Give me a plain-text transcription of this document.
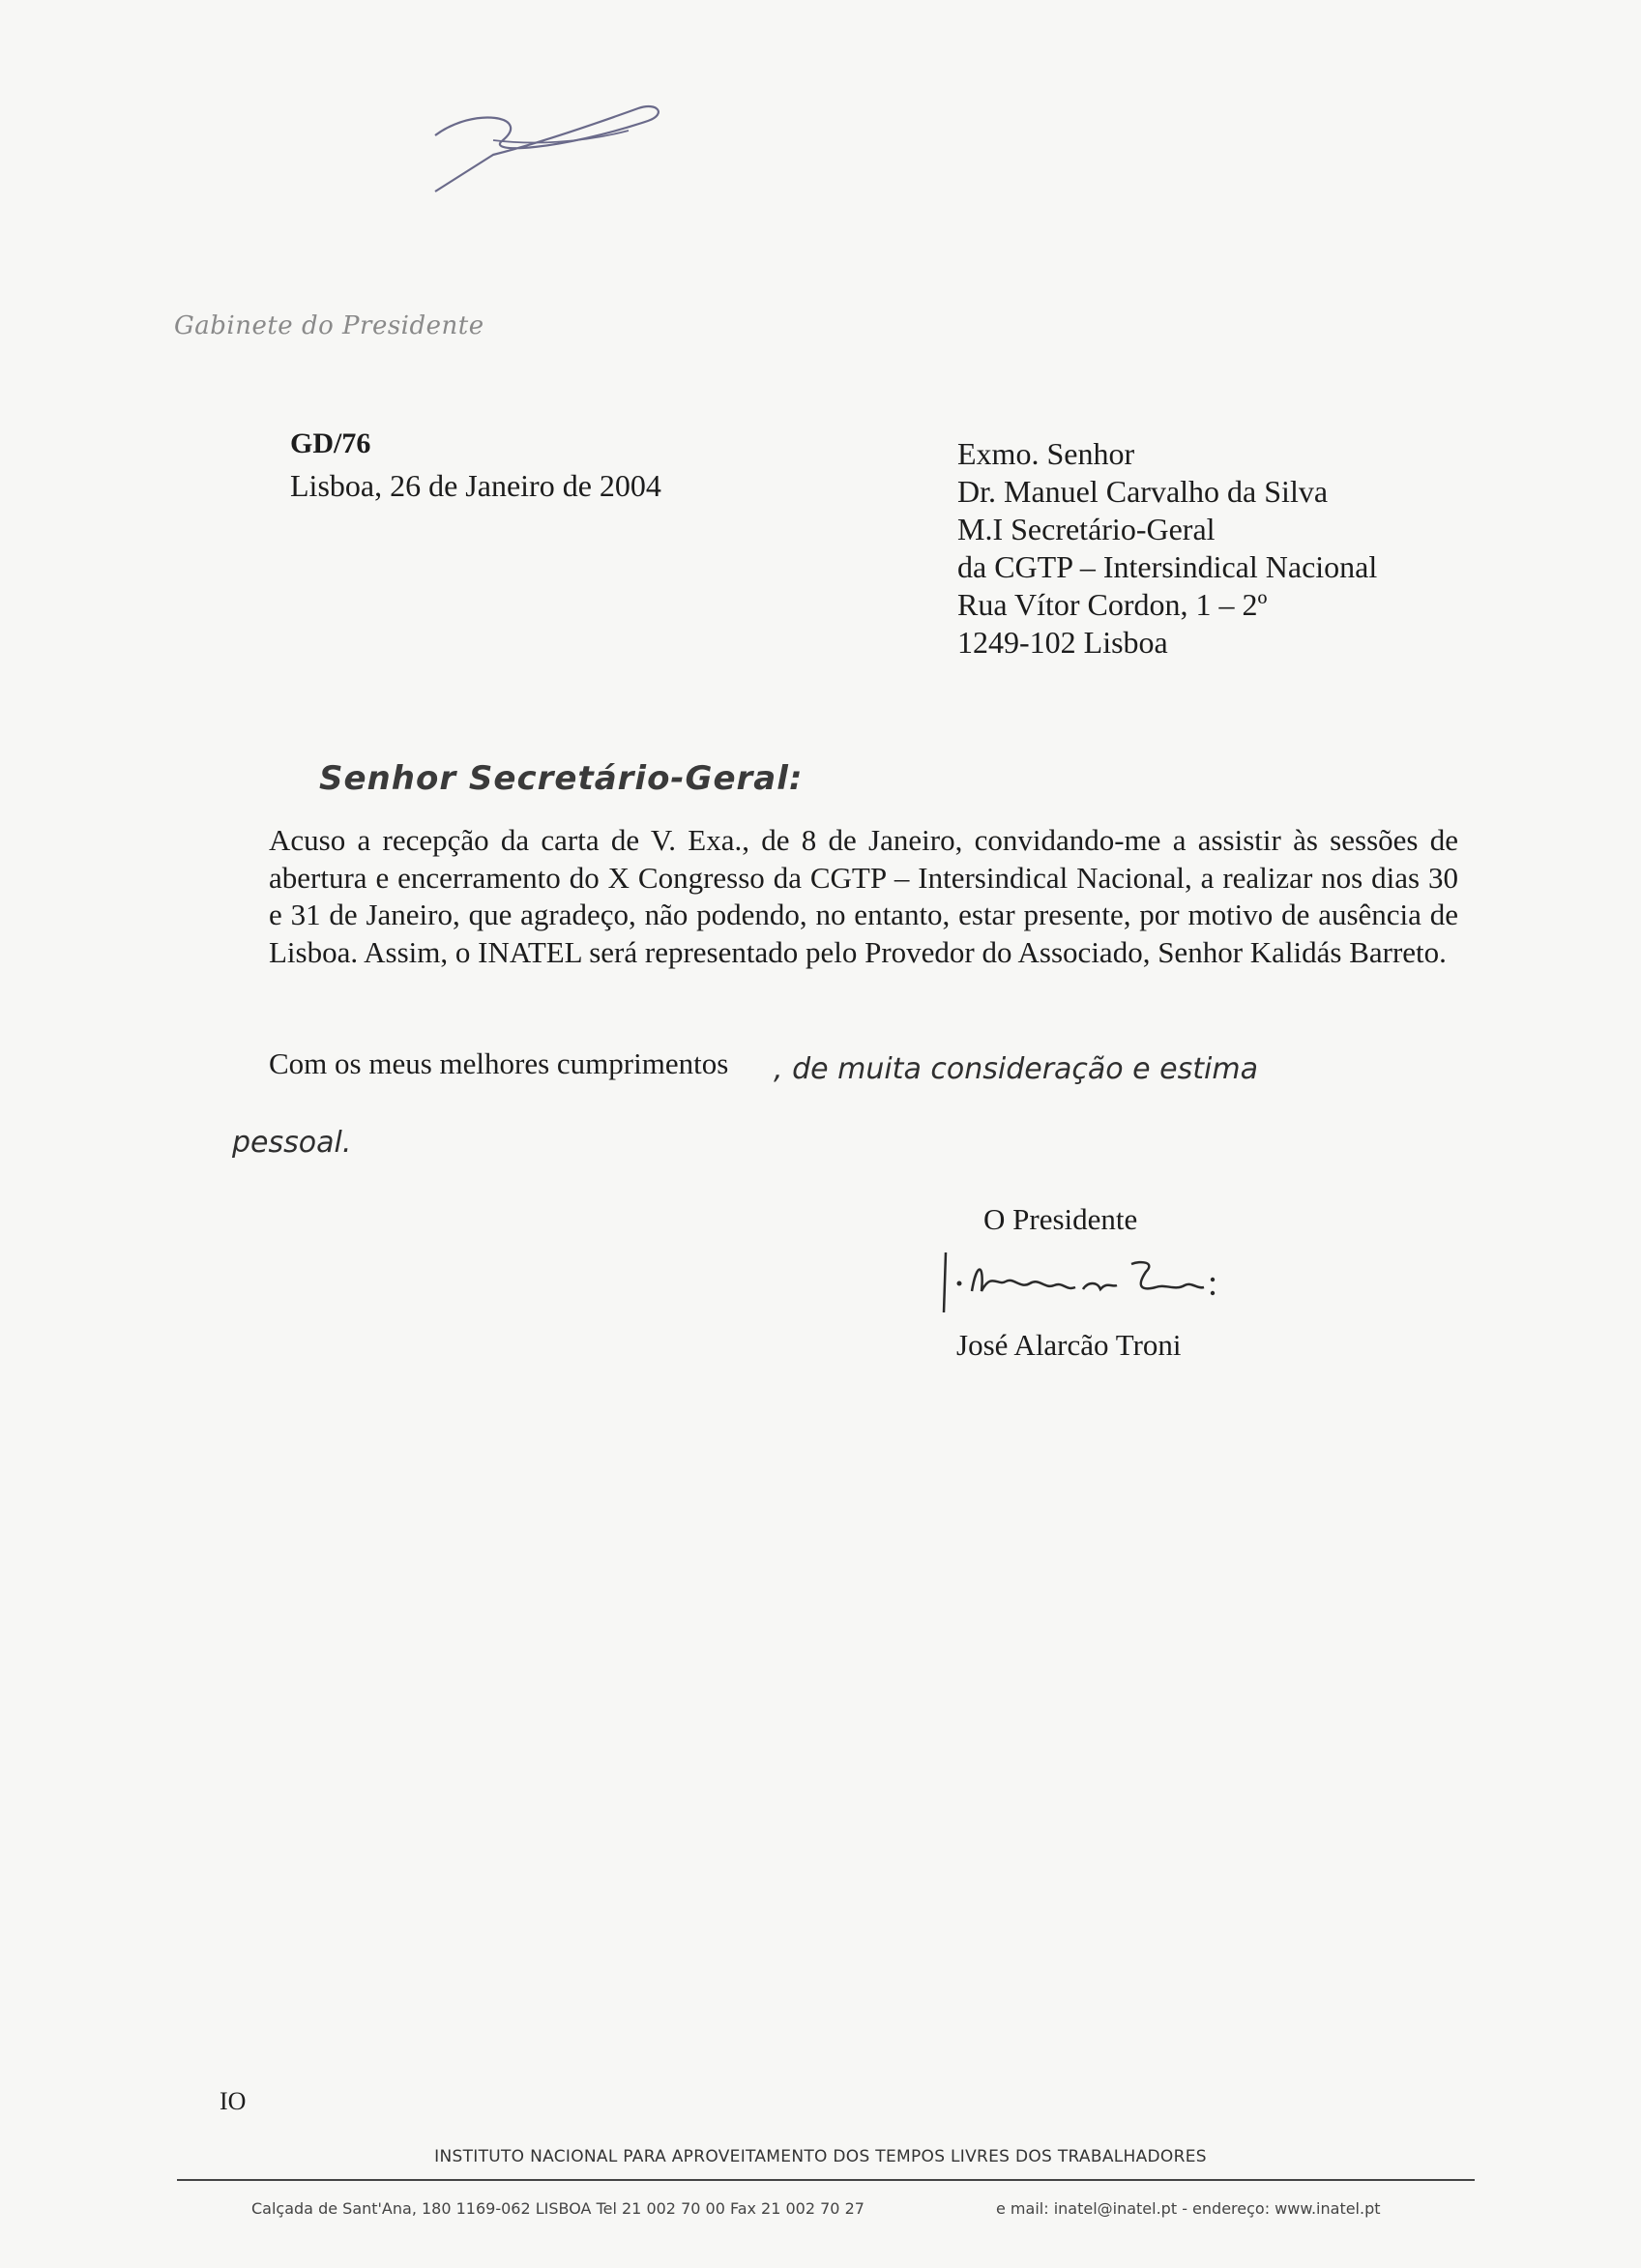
Gabinete do Presidente
GD/76
Lisboa, 26 de Janeiro de 2004
Exmo. Senhor
Dr. Manuel Carvalho da Silva
M.I Secretário-Geral
da CGTP – Intersindical Nacional
Rua Vítor Cordon, 1 – 2º
1249-102 Lisboa
Senhor Secretário-Geral:

Acuso a recepção da carta de V. Exa., de 8 de Janeiro, convidando-me a assistir às sessões de abertura e encerramento do X Congresso da CGTP – Intersindical Nacional, a realizar nos dias 30 e 31 de Janeiro, que agradeço, não podendo, no entanto, estar presente, por motivo de ausência de Lisboa. Assim, o INATEL será representado pelo Provedor do Associado, Senhor Kalidás Barreto.

Com os meus melhores cumprimentos , de muita consideração e estima
pessoal.
O Presidente
José Alarcão Troni
IO
INSTITUTO NACIONAL PARA APROVEITAMENTO DOS TEMPOS LIVRES DOS TRABALHADORES
Calçada de Sant'Ana, 180 1169-062 LISBOA Tel 21 002 70 00 Fax 21 002 70 27	e mail: inatel@inatel.pt - endereço: www.inatel.pt
